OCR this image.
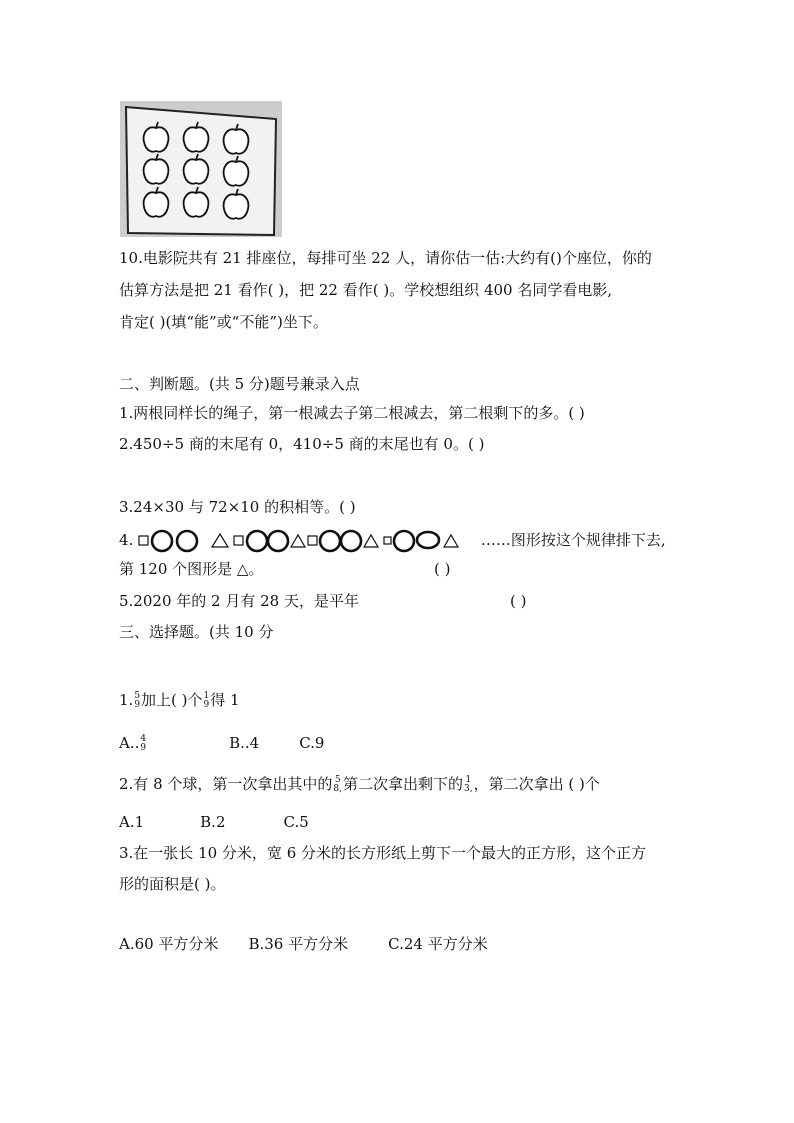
10.电影院共有 21 排座位，每排可坐 22 人，请你估一估:大约有()个座位，你的
估算方法是把 21 看作( )，把 22 看作( )。学校想组织 400 名同学看电影,
肯定( )(填“能”或“不能”)坐下。
二、判断题。(共 5 分)题号兼录入点
1.两根同样长的绳子，第一根减去子第二根减去，第二根剩下的多。( )
2.450÷5 商的末尾有 0，410÷5 商的末尾也有 0。( )
3.24×30 与 72×10 的积相等。( )
4.	……图形按这个规律排下去,
第 120 个图形是 △。	( )
5.2020 年的 2 月有 28 天，是平年	( )
三、选择题。(共 10 分
1. 5
9 加上( )个 1
9 得 1
A.. 4
9	B..4	C.9
2.有 8 个球，第一次拿出其中的 5
8, 第二次拿出剩下的 1
3, ，第二次拿出 ( )个
A.1	B.2	C.5
3.在一张长 10 分米，宽 6 分米的长方形纸上剪下一个最大的正方形，这个正方
形的面积是( )。
A.60 平方分米 B.36 平方分米	C.24 平方分米
